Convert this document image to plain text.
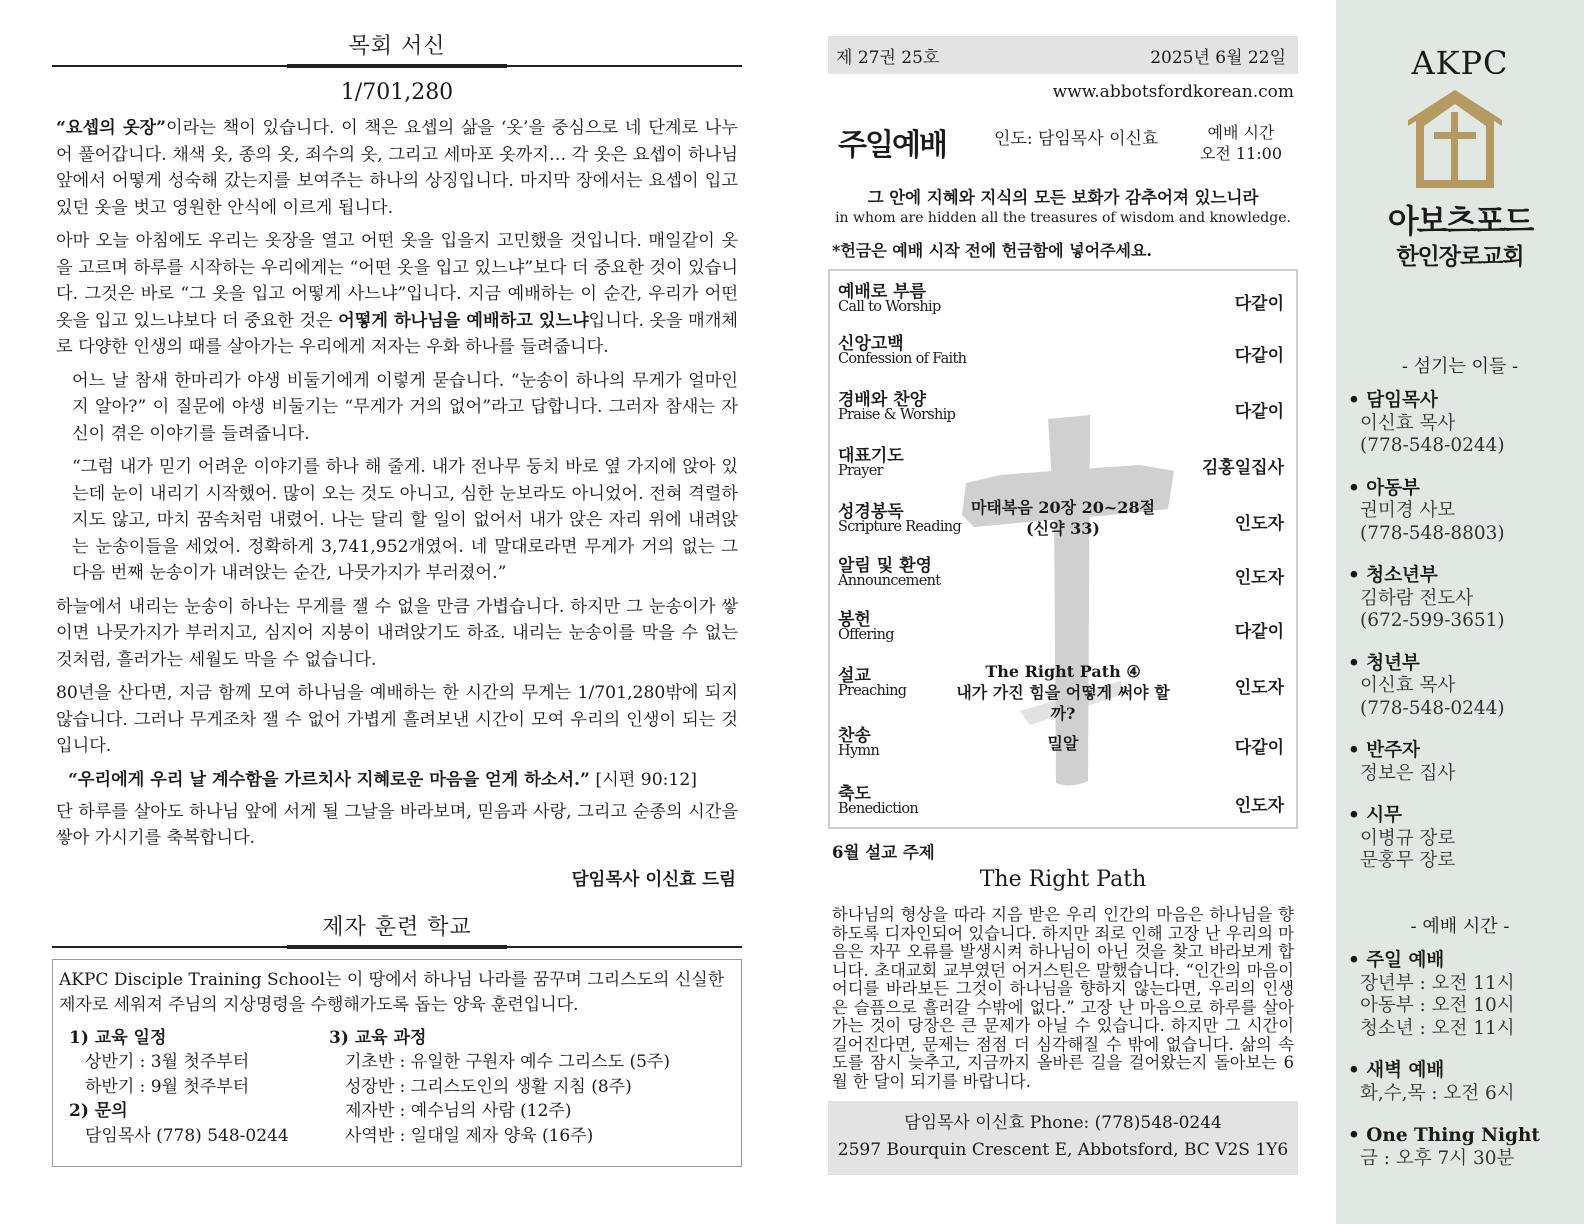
목회 서신
1/701,280

“요셉의 옷장”이라는 책이 있습니다. 이 책은 요셉의 삶을 ‘옷’을 중심으로 네 단계로 나누어 풀어갑니다. 채색 옷, 종의 옷, 죄수의 옷, 그리고 세마포 옷까지… 각 옷은 요셉이 하나님 앞에서 어떻게 성숙해 갔는지를 보여주는 하나의 상징입니다. 마지막 장에서는 요셉이 입고 있던 옷을 벗고 영원한 안식에 이르게 됩니다.

아마 오늘 아침에도 우리는 옷장을 열고 어떤 옷을 입을지 고민했을 것입니다. 매일같이 옷을 고르며 하루를 시작하는 우리에게는 “어떤 옷을 입고 있느냐”보다 더 중요한 것이 있습니다. 그것은 바로 “그 옷을 입고 어떻게 사느냐”입니다. 지금 예배하는 이 순간, 우리가 어떤 옷을 입고 있느냐보다 더 중요한 것은 어떻게 하나님을 예배하고 있느냐입니다. 옷을 매개체로 다양한 인생의 때를 살아가는 우리에게 저자는 우화 하나를 들려줍니다.

어느 날 참새 한마리가 야생 비둘기에게 이렇게 묻습니다. “눈송이 하나의 무게가 얼마인지 알아?” 이 질문에 야생 비둘기는 “무게가 거의 없어”라고 답합니다. 그러자 참새는 자신이 겪은 이야기를 들려줍니다.

“그럼 내가 믿기 어려운 이야기를 하나 해 줄게. 내가 전나무 둥치 바로 옆 가지에 앉아 있는데 눈이 내리기 시작했어. 많이 오는 것도 아니고, 심한 눈보라도 아니었어. 전혀 격렬하지도 않고, 마치 꿈속처럼 내렸어. 나는 달리 할 일이 없어서 내가 앉은 자리 위에 내려앉는 눈송이들을 세었어. 정확하게 3,741,952개였어. 네 말대로라면 무게가 거의 없는 그다음 번째 눈송이가 내려앉는 순간, 나뭇가지가 부러졌어.”

하늘에서 내리는 눈송이 하나는 무게를 잴 수 없을 만큼 가볍습니다. 하지만 그 눈송이가 쌓이면 나뭇가지가 부러지고, 심지어 지붕이 내려앉기도 하죠. 내리는 눈송이를 막을 수 없는 것처럼, 흘러가는 세월도 막을 수 없습니다.

80년을 산다면, 지금 함께 모여 하나님을 예배하는 한 시간의 무게는 1/701,280밖에 되지 않습니다. 그러나 무게조차 잴 수 없어 가볍게 흘려보낸 시간이 모여 우리의 인생이 되는 것입니다.

“우리에게 우리 날 계수함을 가르치사 지혜로운 마음을 얻게 하소서.” [시편 90:12]

단 하루를 살아도 하나님 앞에 서게 될 그날을 바라보며, 믿음과 사랑, 그리고 순종의 시간을 쌓아 가시기를 축복합니다.

담임목사 이신효 드림
제자 훈련 학교
AKPC Disciple Training School는 이 땅에서 하나님 나라를 꿈꾸며 그리스도의 신실한 제자로 세워져 주님의 지상명령을 수행해가도록 돕는 양육 훈련입니다.
1) 교육 일정
상반기 : 3월 첫주부터
하반기 : 9월 첫주부터
2) 문의
담임목사 (778) 548-0244
3) 교육 과정
기초반 : 유일한 구원자 예수 그리스도 (5주)
성장반 : 그리스도인의 생활 지침 (8주)
제자반 : 예수님의 사람 (12주)
사역반 : 일대일 제자 양육 (16주)
제 27권 25호	2025년 6월 22일
www.abbotsfordkorean.com
주일예배	인도: 담임목사 이신효	예배 시간
오전 11:00
그 안에 지혜와 지식의 모든 보화가 감추어져 있느니라
in whom are hidden all the treasures of wisdom and knowledge.
*헌금은 예배 시작 전에 헌금함에 넣어주세요.
예배로 부름
Call to Worship	다같이
신앙고백
Confession of Faith	다같이
경배와 찬양
Praise & Worship	다같이
대표기도
Prayer	김홍일집사
성경봉독
Scripture Reading
마태복음 20장 20~28절
(신약 33)	인도자
알림 및 환영
Announcement	인도자
봉헌
Offering	다같이
설교
Preaching
The Right Path ④
내가 가진 힘을 어떻게 써야 할까?
인도자
찬송
Hymn	밀알	다같이
축도
Benediction	인도자
6월 설교 주제
The Right Path
하나님의 형상을 따라 지음 받은 우리 인간의 마음은 하나님을 향하도록 디자인되어 있습니다. 하지만 죄로 인해 고장 난 우리의 마음은 자꾸 오류를 발생시켜 하나님이 아닌 것을 찾고 바라보게 합니다. 초대교회 교부였던 어거스틴은 말했습니다. “인간의 마음이 어디를 바라보든 그것이 하나님을 향하지 않는다면, 우리의 인생은 슬픔으로 흘러갈 수밖에 없다.” 고장 난 마음으로 하루를 살아가는 것이 당장은 큰 문제가 아닐 수 있습니다. 하지만 그 시간이 길어진다면, 문제는 점점 더 심각해질 수 밖에 없습니다. 삶의 속도를 잠시 늦추고, 지금까지 올바른 길을 걸어왔는지 돌아보는 6월 한 달이 되기를 바랍니다.
담임목사 이신효 Phone: (778)548-0244
2597 Bourquin Crescent E, Abbotsford, BC V2S 1Y6
AKPC
아보츠포드
한인장로교회
- 섬기는 이들 -
• 담임목사
이신효 목사
(778-548-0244)
• 아동부
권미경 사모
(778-548-8803)
• 청소년부
김하람 전도사
(672-599-3651)
• 청년부
이신효 목사
(778-548-0244)
• 반주자
정보은 집사
• 시무
이병규 장로
문홍무 장로
- 예배 시간 -
• 주일 예배
장년부 : 오전 11시
아동부 : 오전 10시
청소년 : 오전 11시
• 새벽 예배
화,수,목 : 오전 6시
• One Thing Night
금 : 오후 7시 30분
